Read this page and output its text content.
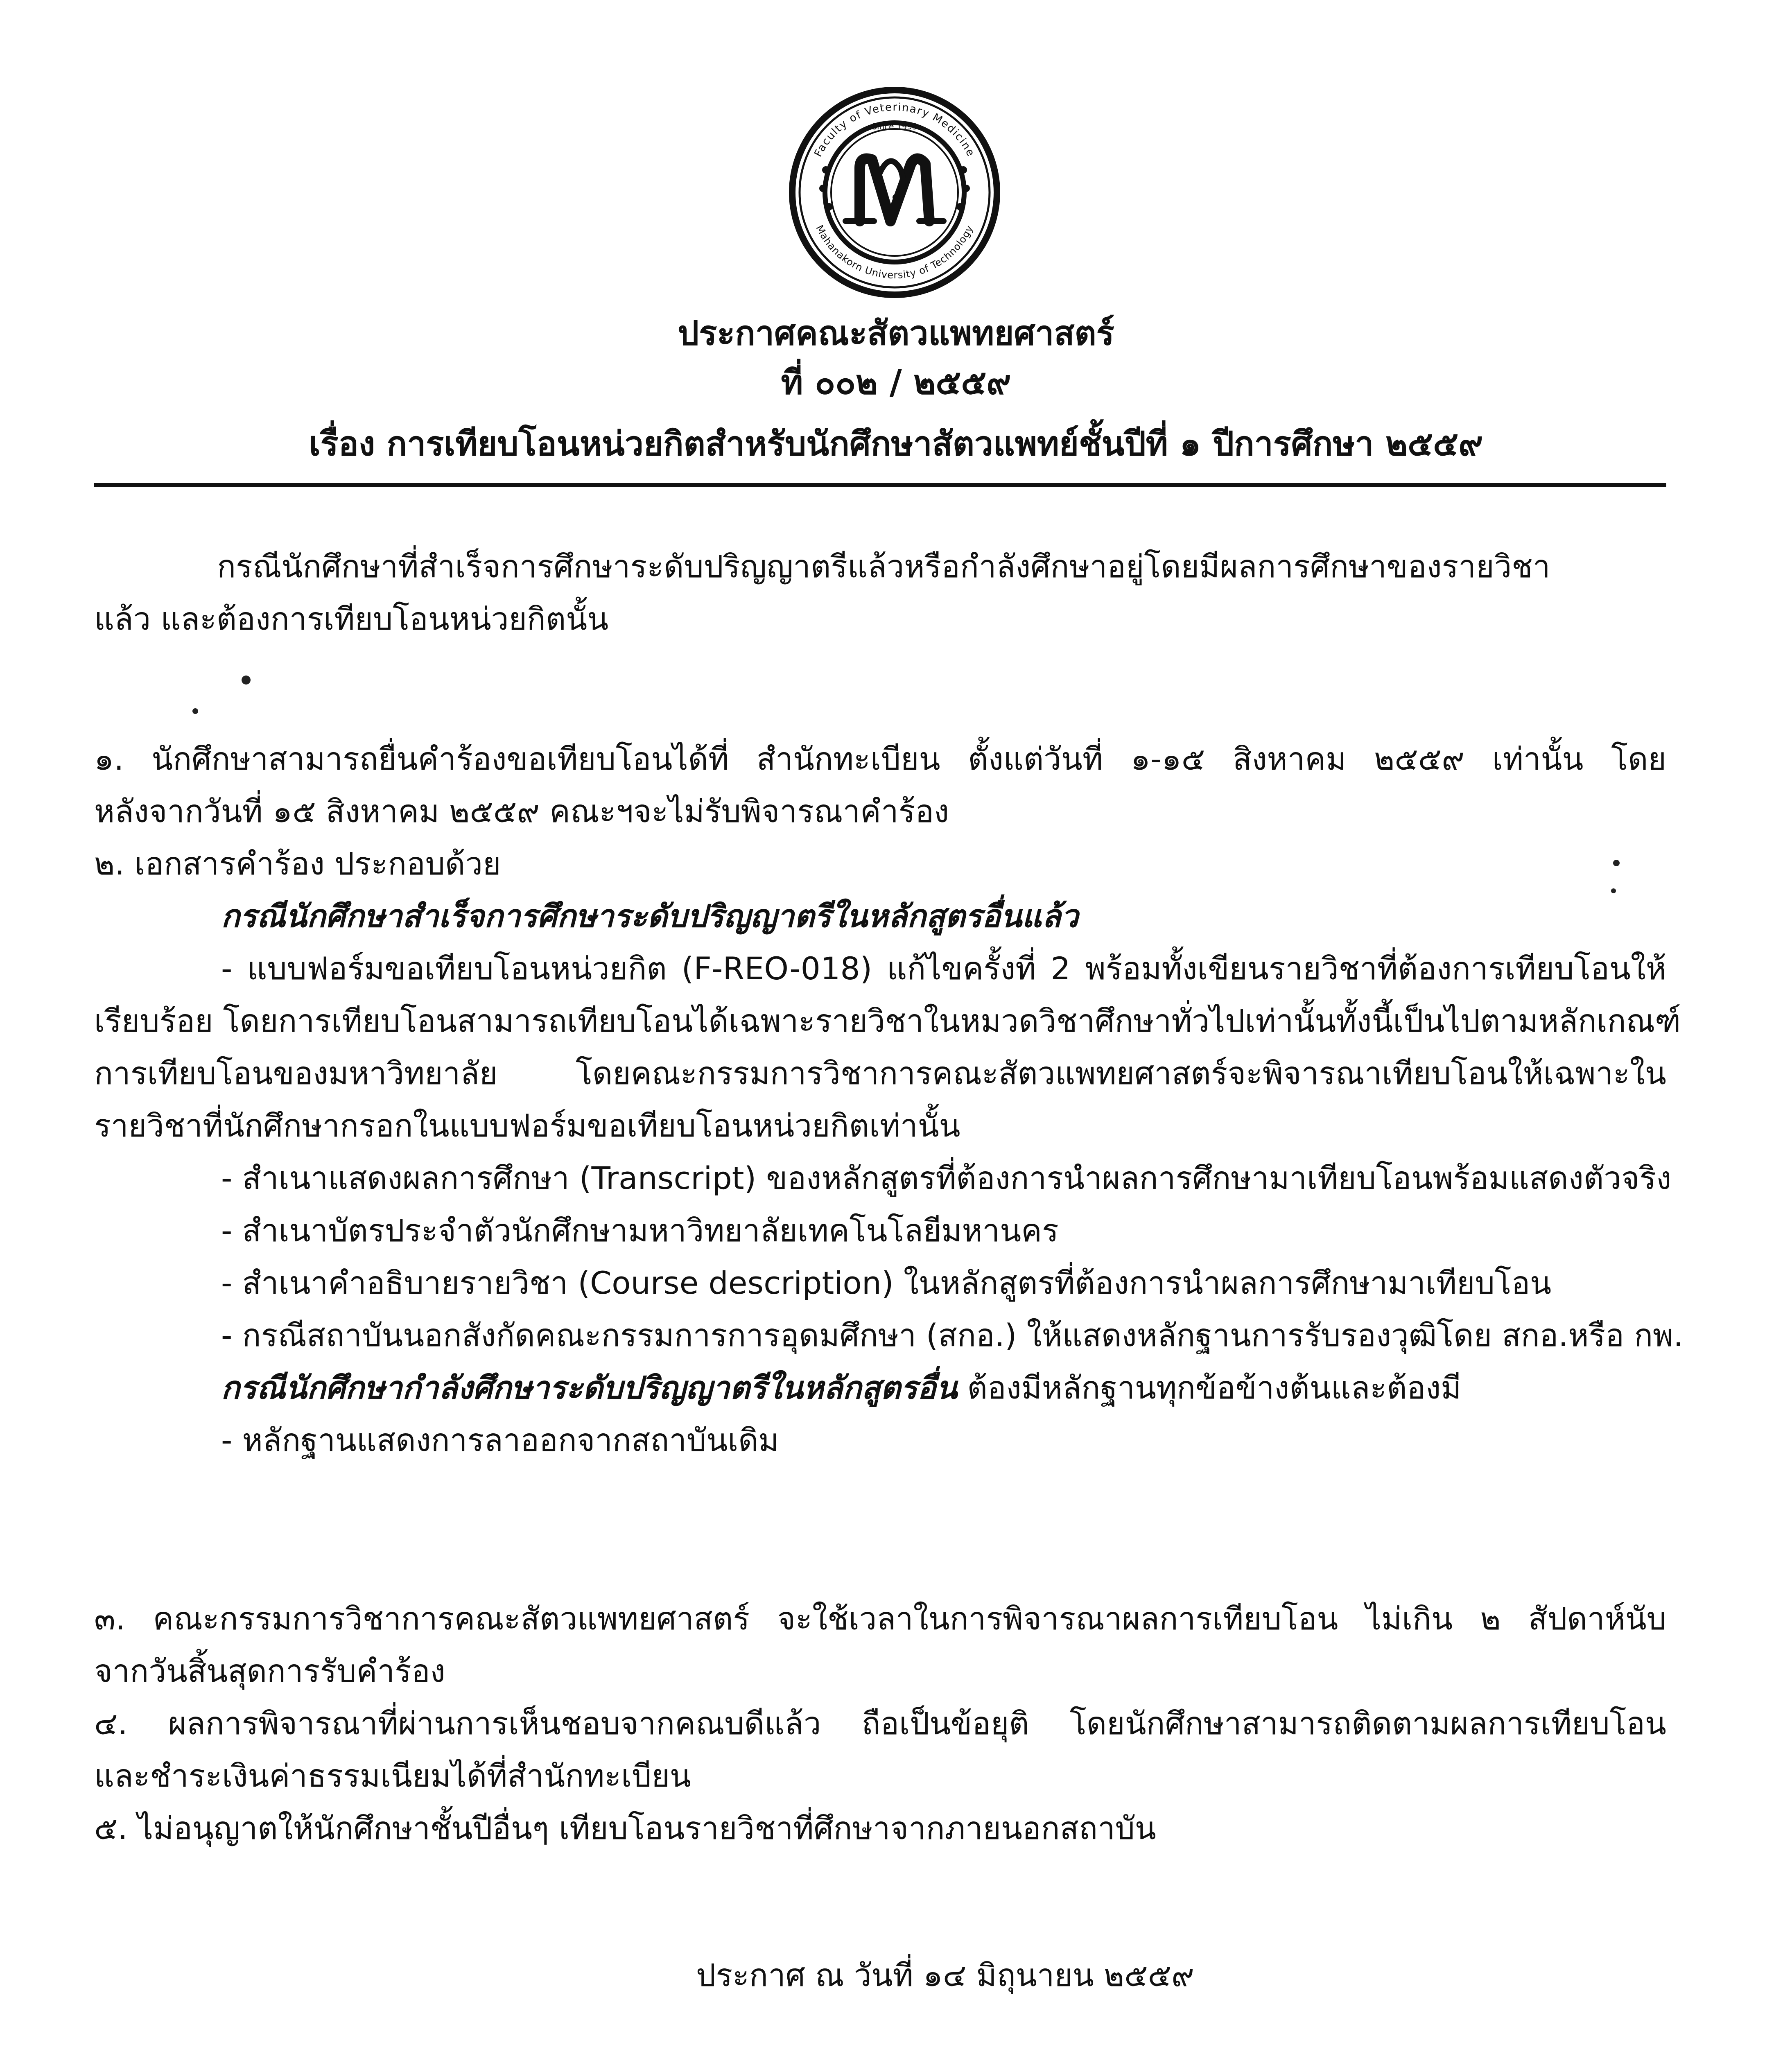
Faculty of Veterinary Medicine
Since 1993
Mahanakorn University of Technology
ประกาศคณะสัตวแพทยศาสตร์
ที่ ๐๐๒ / ๒๕๕๙
เรื่อง การเทียบโอนหน่วยกิตสำหรับนักศึกษาสัตวแพทย์ชั้นปีที่ ๑ ปีการศึกษา ๒๕๕๙
กรณีนักศึกษาที่สำเร็จการศึกษาระดับปริญญาตรีแล้วหรือกำลังศึกษาอยู่โดยมีผลการศึกษาของรายวิชา
แล้ว และต้องการเทียบโอนหน่วยกิตนั้น
๑. นักศึกษาสามารถยื่นคำร้องขอเทียบโอนได้ที่ สำนักทะเบียน ตั้งแต่วันที่ ๑-๑๕ สิงหาคม ๒๕๕๙ เท่านั้น โดย
หลังจากวันที่ ๑๕ สิงหาคม ๒๕๕๙ คณะฯจะไม่รับพิจารณาคำร้อง
๒. เอกสารคำร้อง ประกอบด้วย
กรณีนักศึกษาสำเร็จการศึกษาระดับปริญญาตรีในหลักสูตรอื่นแล้ว
- แบบฟอร์มขอเทียบโอนหน่วยกิต (F-REO-018) แก้ไขครั้งที่ 2 พร้อมทั้งเขียนรายวิชาที่ต้องการเทียบโอนให้
เรียบร้อย โดยการเทียบโอนสามารถเทียบโอนได้เฉพาะรายวิชาในหมวดวิชาศึกษาทั่วไปเท่านั้นทั้งนี้เป็นไปตามหลักเกณฑ์
การเทียบโอนของมหาวิทยาลัย โดยคณะกรรมการวิชาการคณะสัตวแพทยศาสตร์จะพิจารณาเทียบโอนให้เฉพาะใน
รายวิชาที่นักศึกษากรอกในแบบฟอร์มขอเทียบโอนหน่วยกิตเท่านั้น
- สำเนาแสดงผลการศึกษา (Transcript) ของหลักสูตรที่ต้องการนำผลการศึกษามาเทียบโอนพร้อมแสดงตัวจริง
- สำเนาบัตรประจำตัวนักศึกษามหาวิทยาลัยเทคโนโลยีมหานคร
- สำเนาคำอธิบายรายวิชา (Course description) ในหลักสูตรที่ต้องการนำผลการศึกษามาเทียบโอน
- กรณีสถาบันนอกสังกัดคณะกรรมการการอุดมศึกษา (สกอ.) ให้แสดงหลักฐานการรับรองวุฒิโดย สกอ.หรือ กพ.
กรณีนักศึกษากำลังศึกษาระดับปริญญาตรีในหลักสูตรอื่น ต้องมีหลักฐานทุกข้อข้างต้นและต้องมี
- หลักฐานแสดงการลาออกจากสถาบันเดิม
๓. คณะกรรมการวิชาการคณะสัตวแพทยศาสตร์ จะใช้เวลาในการพิจารณาผลการเทียบโอน ไม่เกิน ๒ สัปดาห์นับ
จากวันสิ้นสุดการรับคำร้อง
๔. ผลการพิจารณาที่ผ่านการเห็นชอบจากคณบดีแล้ว ถือเป็นข้อยุติ โดยนักศึกษาสามารถติดตามผลการเทียบโอน
และชำระเงินค่าธรรมเนียมได้ที่สำนักทะเบียน
๕. ไม่อนุญาตให้นักศึกษาชั้นปีอื่นๆ เทียบโอนรายวิชาที่ศึกษาจากภายนอกสถาบัน
ประกาศ ณ วันที่ ๑๔ มิถุนายน ๒๕๕๙
